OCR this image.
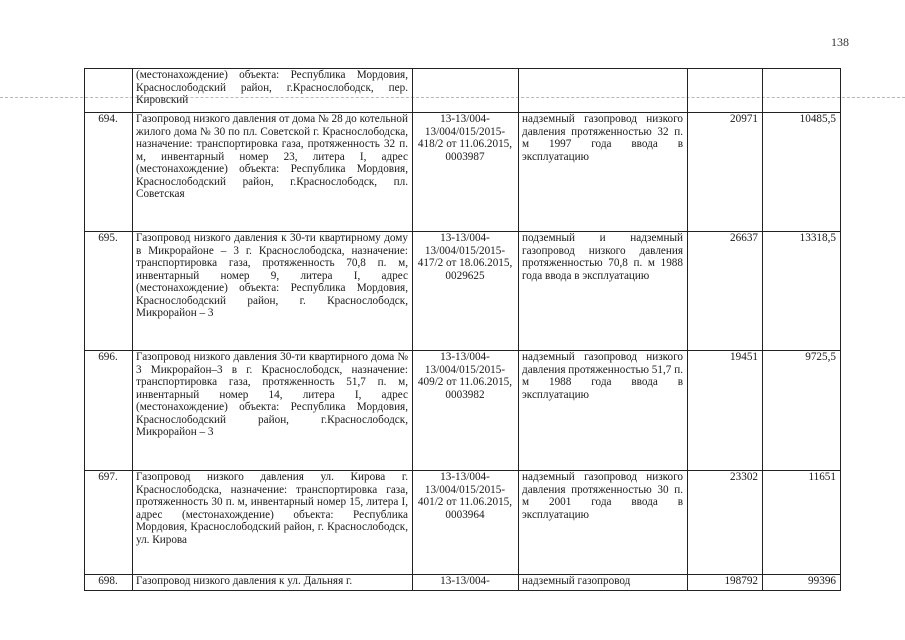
138
	(местонахождение) объекта: Республика Мордовия, Краснослободский район, г.Краснослободск, пер. Кировский				
694.	Газопровод низкого давления от дома № 28 до котельной жилого дома № 30 по пл. Советской г. Краснослободска, назначение: транспортировка газа, протяженность 32 п. м, инвентарный номер 23, литера I, адрес (местонахождение) объекта: Республика Мордовия, Краснослободский район, г.Краснослободск, пл. Советская	13-13/004-13/004/015/2015-418/2 от 11.06.2015, 0003987	надземный газопровод низкого давления протяженностью 32 п. м 1997 года ввода в эксплуатацию	20971	10485,5
695.	Газопровод низкого давления к 30-ти квартирному дому в Микрорайоне – 3 г. Краснослободска, назначение: транспортировка газа, протяженность 70,8 п. м, инвентарный номер 9, литера I, адрес (местонахождение) объекта: Республика Мордовия, Краснослободский район, г. Краснослободск, Микрорайон – 3	13-13/004-13/004/015/2015-417/2 от 18.06.2015, 0029625	подземный и надземный газопровод низкого давления протяженностью 70,8 п. м 1988 года ввода в эксплуатацию	26637	13318,5
696.	Газопровод низкого давления 30-ти квартирного дома № 3 Микрорайон–3 в г. Краснослободск, назначение: транспортировка газа, протяженность 51,7 п. м, инвентарный номер 14, литера I, адрес (местонахождение) объекта: Республика Мордовия, Краснослободский район, г.Краснослободск, Микрорайон – 3	13-13/004-13/004/015/2015-409/2 от 11.06.2015, 0003982	надземный газопровод низкого давления протяженностью 51,7 п. м 1988 года ввода в эксплуатацию	19451	9725,5
697.	Газопровод низкого давления ул. Кирова г. Краснослободска, назначение: транспортировка газа, протяженность 30 п. м, инвентарный номер 15, литера I, адрес (местонахождение) объекта: Республика Мордовия, Краснослободский район, г. Краснослободск, ул. Кирова	13-13/004-13/004/015/2015-401/2 от 11.06.2015, 0003964	надземный газопровод низкого давления протяженностью 30 п. м 2001 года ввода в эксплуатацию	23302	11651
698.	Газопровод низкого давления к ул. Дальняя г.	13-13/004-	надземный газопровод	198792	99396
